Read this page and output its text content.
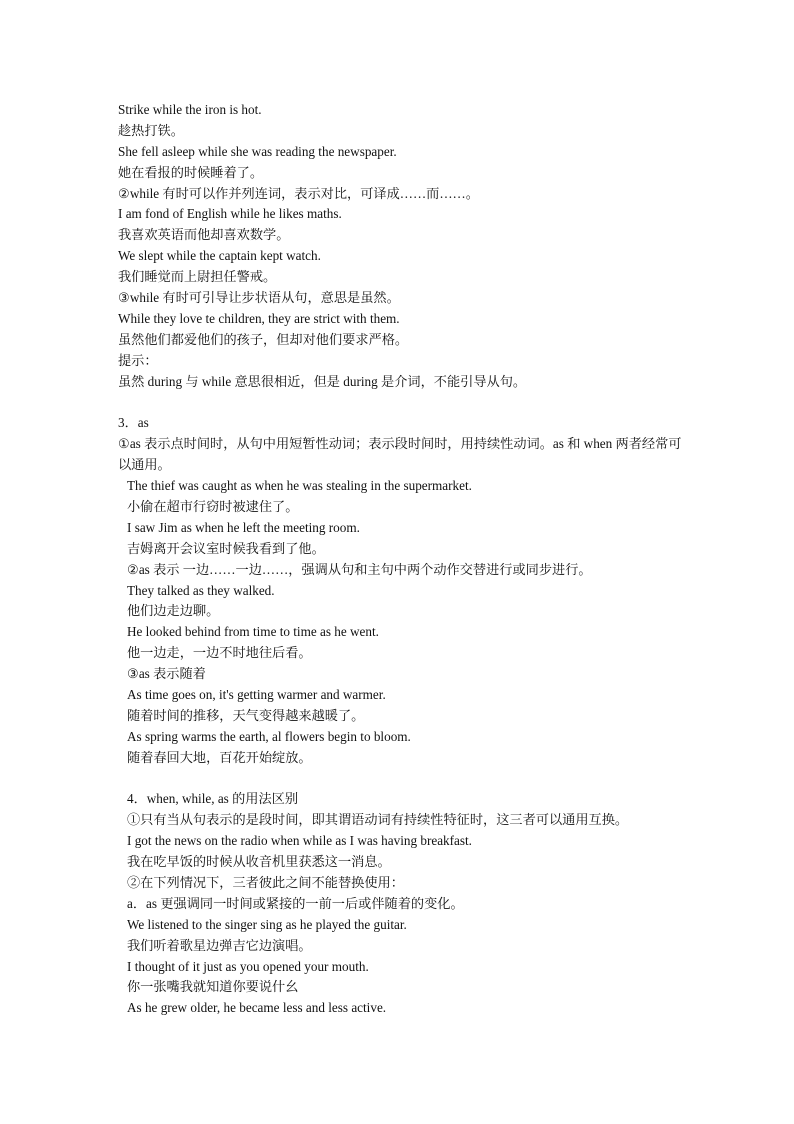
Strike while the iron is hot.
趁热打铁。
She fell asleep while she was reading the newspaper.
她在看报的时候睡着了。
②while 有时可以作并列连词，表示对比，可译成……而……。
I am fond of English while he likes maths.
我喜欢英语而他却喜欢数学。
We slept while the captain kept watch.
我们睡觉而上尉担任警戒。
③while 有时可引导让步状语从句，意思是虽然。
While they love te children, they are strict with them.
虽然他们都爱他们的孩子，但却对他们要求严格。
提示：
虽然 during 与 while 意思很相近，但是 during 是介词，不能引导从句。
3．as
①as 表示点时间时，从句中用短暂性动词；表示段时间时，用持续性动词。as 和 when 两者经常可以通用。
The thief was caught as when he was stealing in the supermarket.
小偷在超市行窃时被逮住了。
I saw Jim as when he left the meeting room.
吉姆离开会议室时候我看到了他。
②as 表示 一边……一边……，强调从句和主句中两个动作交替进行或同步进行。
They talked as they walked.
他们边走边聊。
He looked behind from time to time as he went.
他一边走，一边不时地往后看。
③as 表示随着
As time goes on, it's getting warmer and warmer.
随着时间的推移，天气变得越来越暖了。
As spring warms the earth, al flowers begin to bloom.
随着春回大地，百花开始绽放。
4．when, while, as 的用法区别
①只有当从句表示的是段时间，即其谓语动词有持续性特征时，这三者可以通用互换。
I got the news on the radio when while as I was having breakfast.
我在吃早饭的时候从收音机里获悉这一消息。
②在下列情况下，三者彼此之间不能替换使用：
a．as 更强调同一时间或紧接的一前一后或伴随着的变化。
We listened to the singer sing as he played the guitar.
我们听着歌星边弹吉它边演唱。
I thought of it just as you opened your mouth.
你一张嘴我就知道你要说什幺
As he grew older, he became less and less active.
